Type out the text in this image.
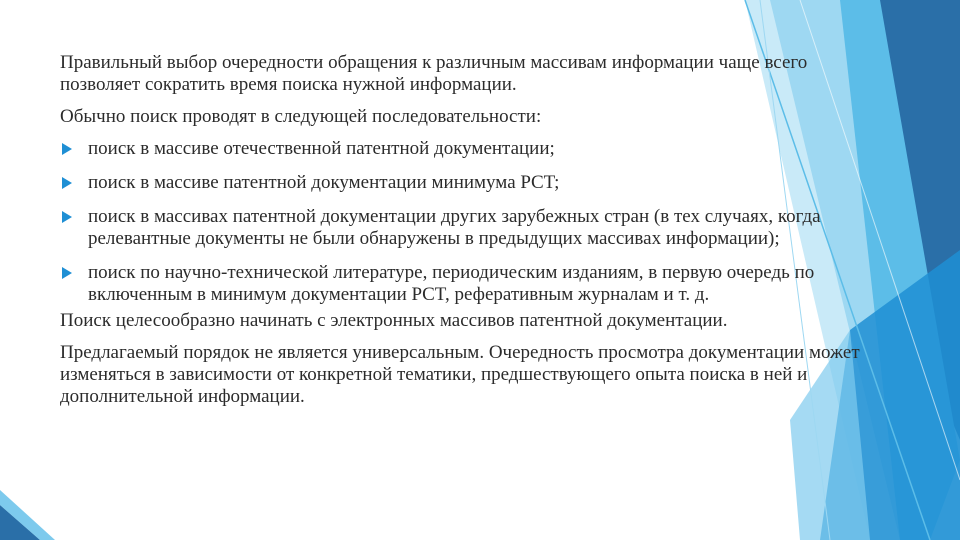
Правильный выбор очередности обращения к различным массивам информации чаще всего позволяет сократить время поиска нужной информации.

Обычно поиск проводят в следующей последовательности:

поиск в массиве отечественной патентной документации;
поиск в массиве патентной документации минимума PCT;
поиск в массивах патентной документации других зарубежных стран (в тех случаях, когда релевантные документы не были обнаружены в предыдущих массивах информации);
поиск по научно-технической литературе, периодическим изданиям, в первую очередь по включенным в минимум документации PCT, реферативным журналам и т. д.

Поиск целесообразно начинать с электронных массивов патентной документации.

Предлагаемый порядок не является универсальным. Очередность просмотра документации может изменяться в зависимости от конкретной тематики, предшествующего опыта поиска в ней и дополнительной информации.
